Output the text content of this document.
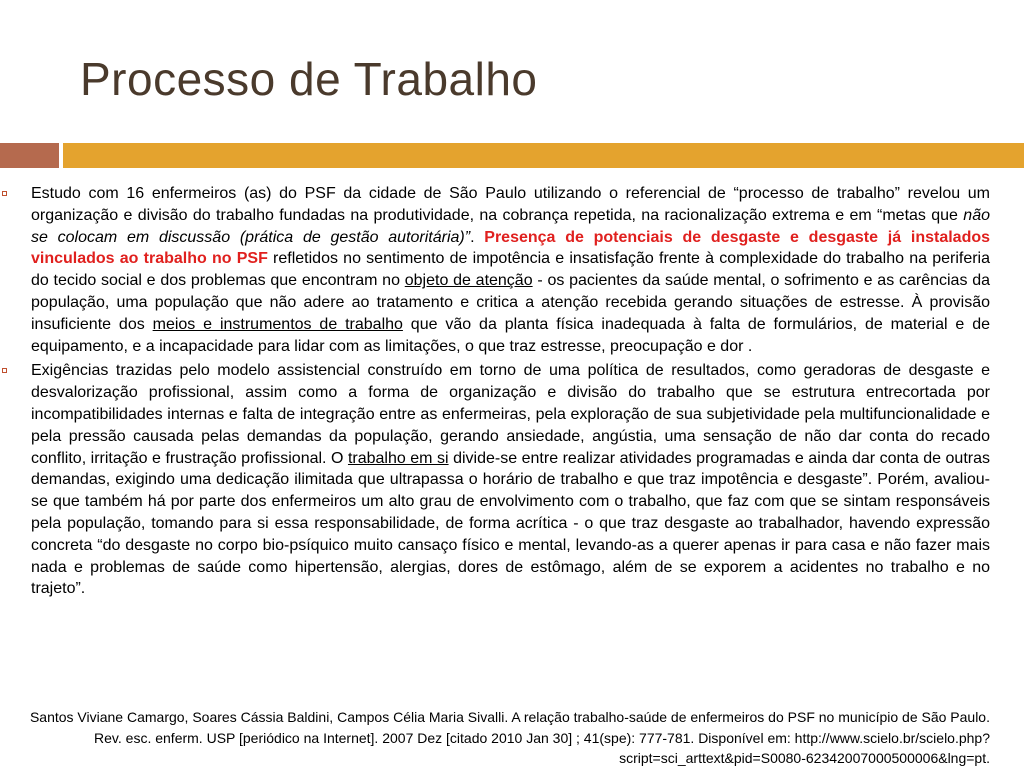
Processo de Trabalho

Estudo com 16 enfermeiros (as) do PSF da cidade de São Paulo utilizando o referencial de “processo de trabalho” revelou um organização e divisão do trabalho fundadas na produtividade, na cobrança repetida, na racionalização extrema e em “metas que não se colocam em discussão (prática de gestão autoritária)”. Presença de potenciais de desgaste e desgaste já instalados vinculados ao trabalho no PSF refletidos no sentimento de impotência e insatisfação frente à complexidade do trabalho na periferia do tecido social e dos problemas que encontram no objeto de atenção - os pacientes da saúde mental, o sofrimento e as carências da população, uma população que não adere ao tratamento e critica a atenção recebida gerando situações de estresse. À provisão insuficiente dos meios e instrumentos de trabalho que vão da planta física inadequada à falta de formulários, de material e de equipamento, e a incapacidade para lidar com as limitações, o que traz estresse, preocupação e dor .

Exigências trazidas pelo modelo assistencial construído em torno de uma política de resultados, como geradoras de desgaste e desvalorização profissional, assim como a forma de organização e divisão do trabalho que se estrutura entrecortada por incompatibilidades internas e falta de integração entre as enfermeiras, pela exploração de sua subjetividade pela multifuncionalidade e pela pressão causada pelas demandas da população, gerando ansiedade, angústia, uma sensação de não dar conta do recado conflito, irritação e frustração profissional. O trabalho em si divide-se entre realizar atividades programadas e ainda dar conta de outras demandas, exigindo uma dedicação ilimitada que ultrapassa o horário de trabalho e que traz impotência e desgaste”. Porém, avaliou-se que também há por parte dos enfermeiros um alto grau de envolvimento com o trabalho, que faz com que se sintam responsáveis pela população, tomando para si essa responsabilidade, de forma acrítica - o que traz desgaste ao trabalhador, havendo expressão concreta “do desgaste no corpo bio-psíquico muito cansaço físico e mental, levando-as a querer apenas ir para casa e não fazer mais nada e problemas de saúde como hipertensão, alergias, dores de estômago, além de se exporem a acidentes no trabalho e no trajeto”.

Santos Viviane Camargo, Soares Cássia Baldini, Campos Célia Maria Sivalli. A relação trabalho-saúde de enfermeiros do PSF no município de São Paulo. Rev. esc. enferm. USP [periódico na Internet]. 2007 Dez [citado 2010 Jan 30] ; 41(spe): 777-781. Disponível em: http://www.scielo.br/scielo.php?script=sci_arttext&pid=S0080-62342007000500006&lng=pt.
